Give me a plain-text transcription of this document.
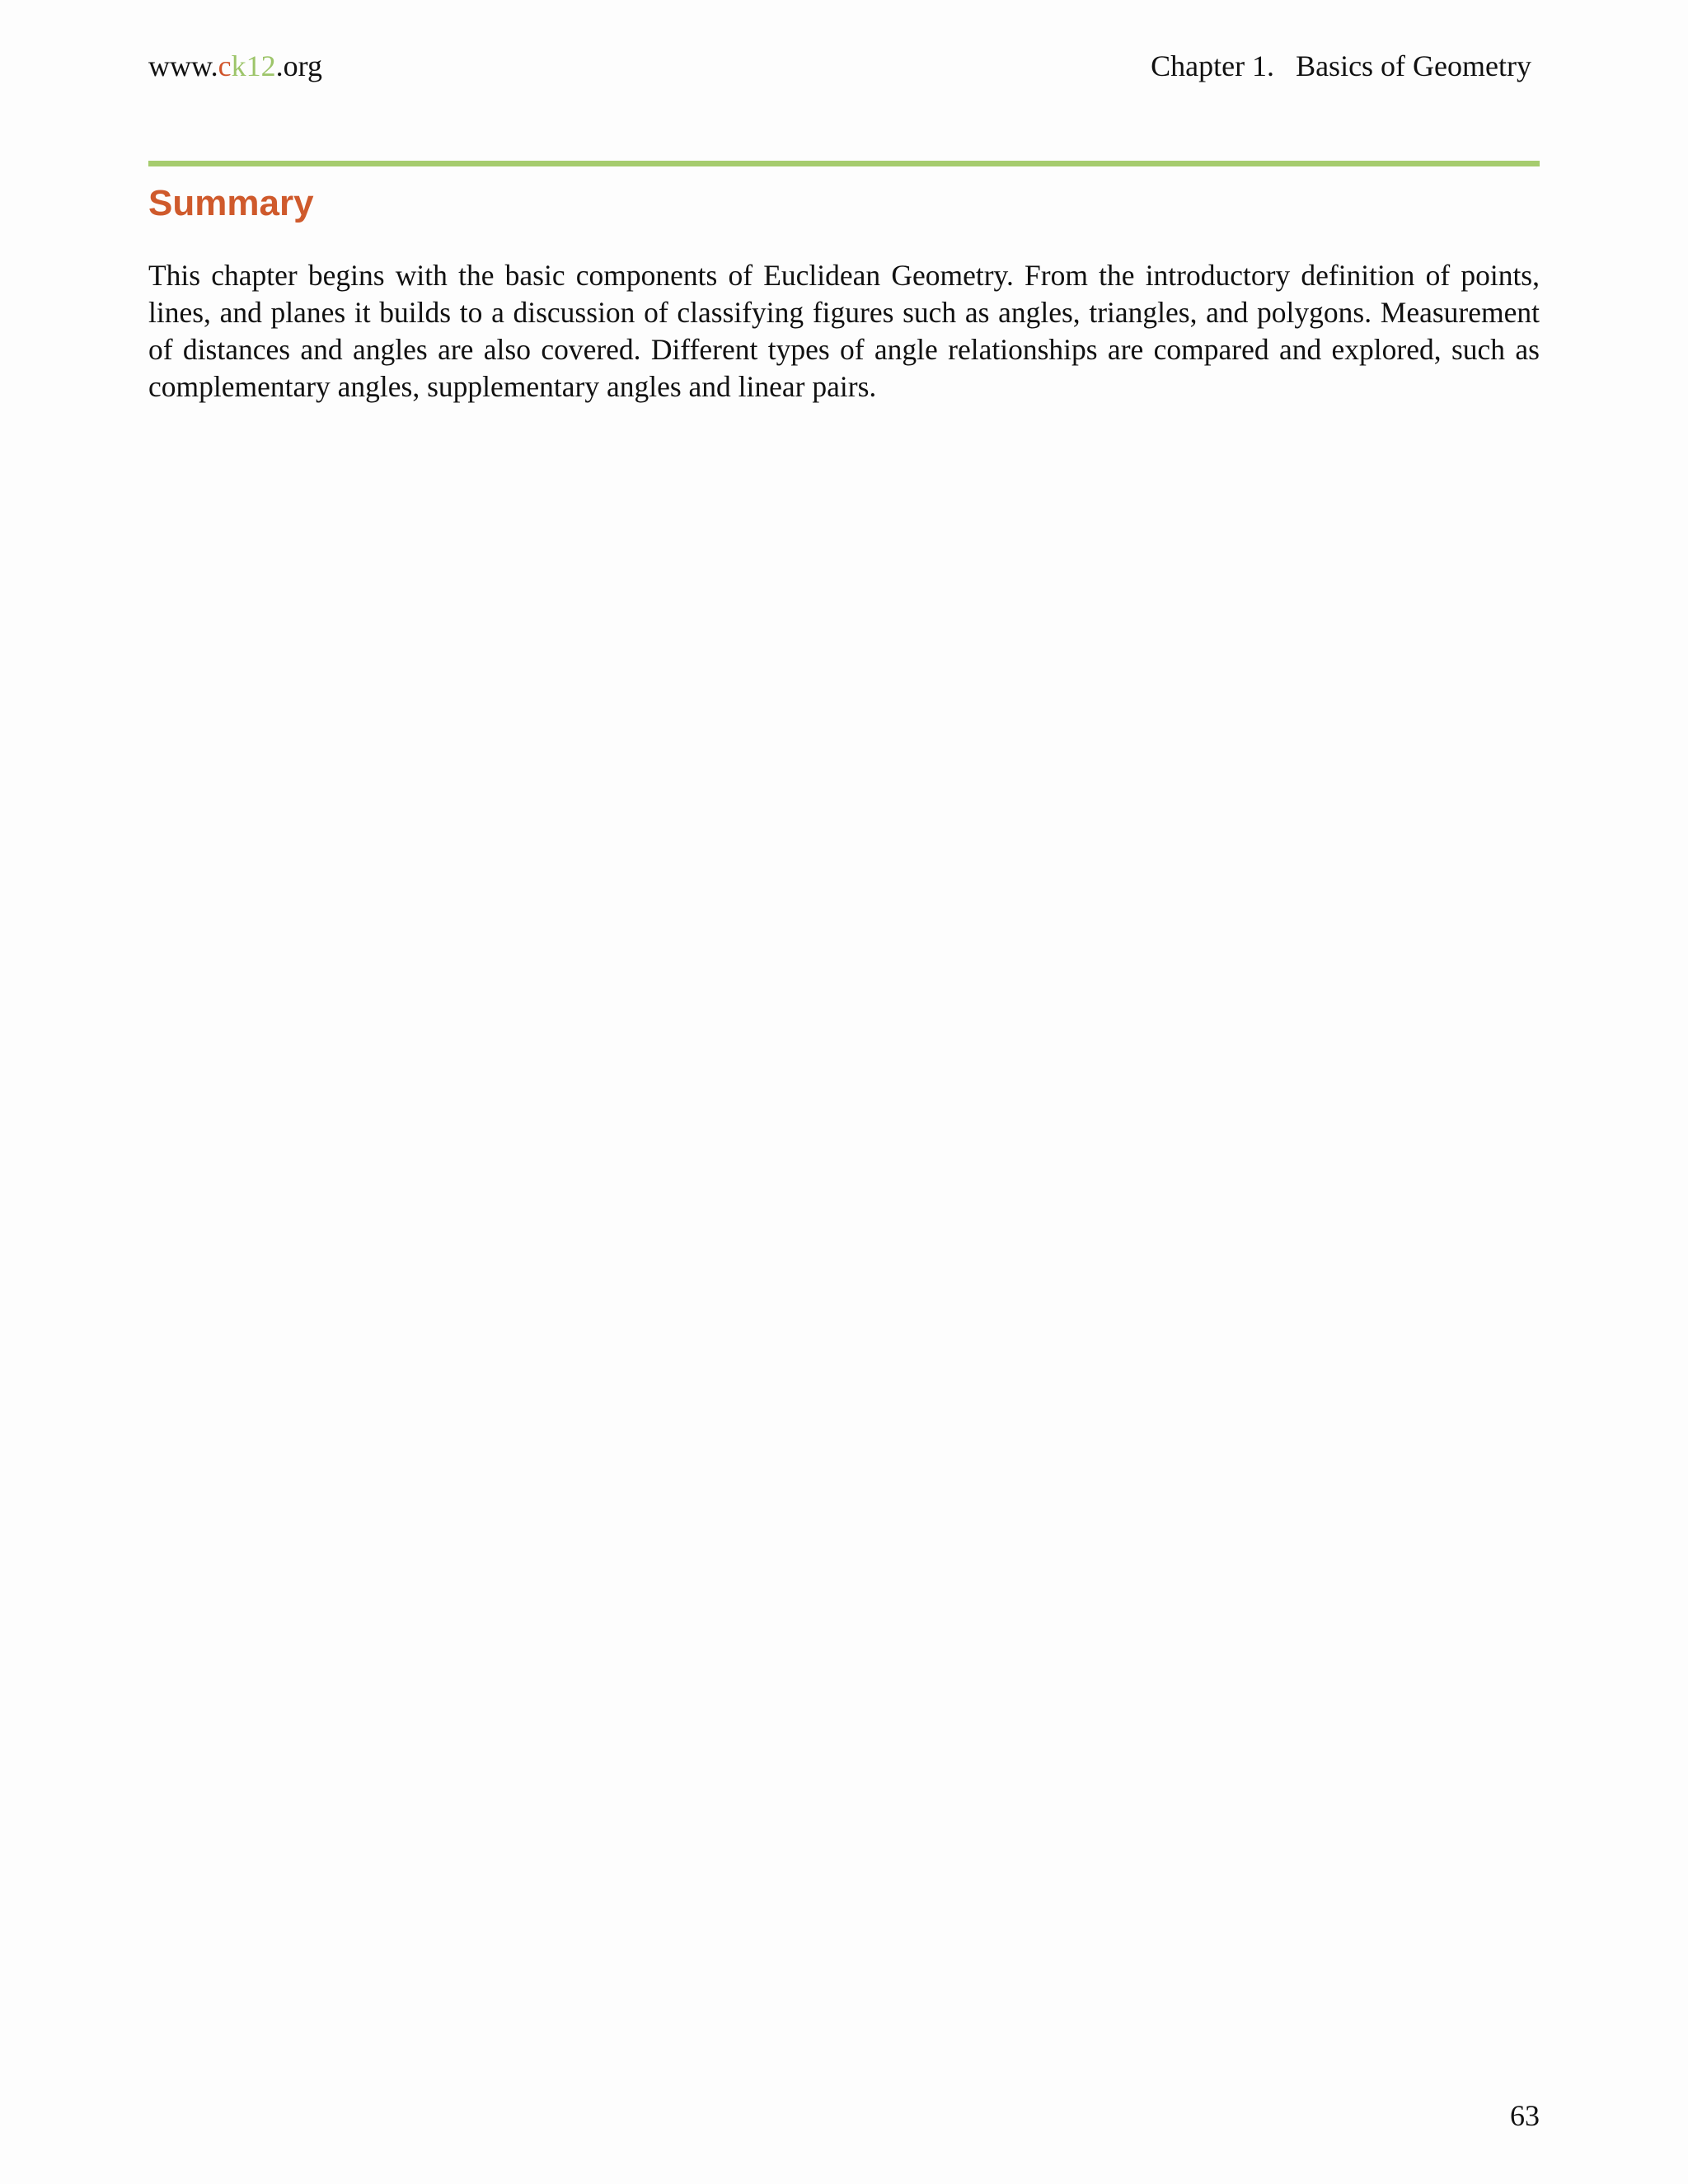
www.ck12.org	Chapter 1. Basics of Geometry
Summary

This chapter begins with the basic components of Euclidean Geometry. From the introductory definition of points, lines, and planes it builds to a discussion of classifying figures such as angles, triangles, and polygons. Measurement of distances and angles are also covered. Different types of angle relationships are compared and explored, such as complementary angles, supplementary angles and linear pairs.

63
